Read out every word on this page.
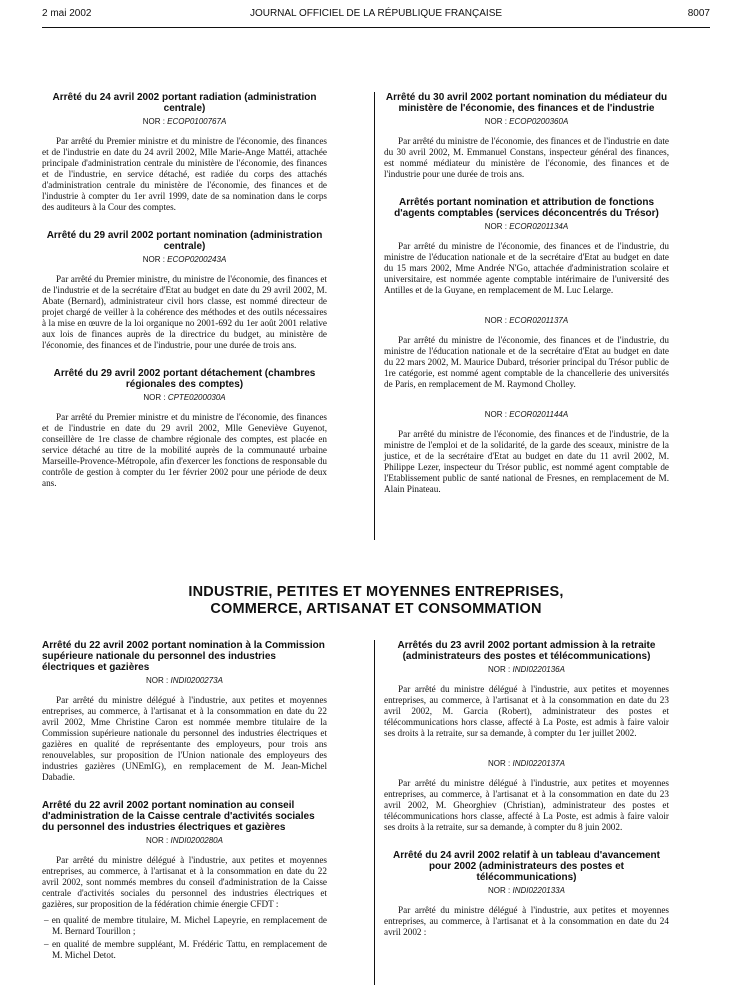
2 mai 2002	JOURNAL OFFICIEL DE LA RÉPUBLIQUE FRANÇAISE	8007
Arrêté du 24 avril 2002 portant radiation (administration centrale)
NOR : ECOP0100767A

Par arrêté du Premier ministre et du ministre de l'économie, des finances et de l'industrie en date du 24 avril 2002, Mlle Marie-Ange Mattéi, attachée principale d'administration centrale du ministère de l'économie, des finances et de l'industrie, en service détaché, est radiée du corps des attachés d'administration centrale du ministère de l'économie, des finances et de l'industrie à compter du 1er avril 1999, date de sa nomination dans le corps des auditeurs à la Cour des comptes.

Arrêté du 29 avril 2002 portant nomination (administration centrale)
NOR : ECOP0200243A

Par arrêté du Premier ministre, du ministre de l'économie, des finances et de l'industrie et de la secrétaire d'Etat au budget en date du 29 avril 2002, M. Abate (Bernard), administrateur civil hors classe, est nommé directeur de projet chargé de veiller à la cohérence des méthodes et des outils nécessaires à la mise en œuvre de la loi organique no 2001-692 du 1er août 2001 relative aux lois de finances auprès de la directrice du budget, au ministère de l'économie, des finances et de l'industrie, pour une durée de trois ans.

Arrêté du 29 avril 2002 portant détachement (chambres régionales des comptes)
NOR : CPTE0200030A

Par arrêté du Premier ministre et du ministre de l'économie, des finances et de l'industrie en date du 29 avril 2002, Mlle Geneviève Guyenot, conseillère de 1re classe de chambre régionale des comptes, est placée en service détaché au titre de la mobilité auprès de la communauté urbaine Marseille-Provence-Métropole, afin d'exercer les fonctions de responsable du contrôle de gestion à compter du 1er février 2002 pour une période de deux ans.

Arrêté du 30 avril 2002 portant nomination du médiateur du ministère de l'économie, des finances et de l'industrie
NOR : ECOP0200360A

Par arrêté du ministre de l'économie, des finances et de l'industrie en date du 30 avril 2002, M. Emmanuel Constans, inspecteur général des finances, est nommé médiateur du ministère de l'économie, des finances et de l'industrie pour une durée de trois ans.

Arrêtés portant nomination et attribution de fonctions d'agents comptables (services déconcentrés du Trésor)
NOR : ECOR0201134A

Par arrêté du ministre de l'économie, des finances et de l'industrie, du ministre de l'éducation nationale et de la secrétaire d'Etat au budget en date du 15 mars 2002, Mme Andrée N'Go, attachée d'administration scolaire et universitaire, est nommée agente comptable intérimaire de l'université des Antilles et de la Guyane, en remplacement de M. Luc Lelarge.

NOR : ECOR0201137A

Par arrêté du ministre de l'économie, des finances et de l'industrie, du ministre de l'éducation nationale et de la secrétaire d'Etat au budget en date du 22 mars 2002, M. Maurice Dubard, trésorier principal du Trésor public de 1re catégorie, est nommé agent comptable de la chancellerie des universités de Paris, en remplacement de M. Raymond Cholley.

NOR : ECOR0201144A

Par arrêté du ministre de l'économie, des finances et de l'industrie, de la ministre de l'emploi et de la solidarité, de la garde des sceaux, ministre de la justice, et de la secrétaire d'Etat au budget en date du 11 avril 2002, M. Philippe Lezer, inspecteur du Trésor public, est nommé agent comptable de l'Etablissement public de santé national de Fresnes, en remplacement de M. Alain Pinateau.

INDUSTRIE, PETITES ET MOYENNES ENTREPRISES,
COMMERCE, ARTISANAT ET CONSOMMATION
Arrêté du 22 avril 2002 portant nomination à la Commission supérieure nationale du personnel des industries électriques et gazières
NOR : INDI0200273A

Par arrêté du ministre délégué à l'industrie, aux petites et moyennes entreprises, au commerce, à l'artisanat et à la consommation en date du 22 avril 2002, Mme Christine Caron est nommée membre titulaire de la Commission supérieure nationale du personnel des industries électriques et gazières en qualité de représentante des employeurs, pour trois ans renouvelables, sur proposition de l'Union nationale des employeurs des industries gazières (UNEmIG), en remplacement de M. Jean-Michel Dabadie.

Arrêté du 22 avril 2002 portant nomination au conseil d'administration de la Caisse centrale d'activités sociales du personnel des industries électriques et gazières
NOR : INDI0200280A

Par arrêté du ministre délégué à l'industrie, aux petites et moyennes entreprises, au commerce, à l'artisanat et à la consommation en date du 22 avril 2002, sont nommés membres du conseil d'administration de la Caisse centrale d'activités sociales du personnel des industries électriques et gazières, sur proposition de la fédération chimie énergie CFDT :

– en qualité de membre titulaire, M. Michel Lapeyrie, en remplacement de M. Bernard Tourillon ;

– en qualité de membre suppléant, M. Frédéric Tattu, en remplacement de M. Michel Detot.

Arrêtés du 23 avril 2002 portant admission à la retraite (administrateurs des postes et télécommunications)
NOR : INDI0220136A

Par arrêté du ministre délégué à l'industrie, aux petites et moyennes entreprises, au commerce, à l'artisanat et à la consommation en date du 23 avril 2002, M. Garcia (Robert), administrateur des postes et télécommunications hors classe, affecté à La Poste, est admis à faire valoir ses droits à la retraite, sur sa demande, à compter du 1er juillet 2002.

NOR : INDI0220137A

Par arrêté du ministre délégué à l'industrie, aux petites et moyennes entreprises, au commerce, à l'artisanat et à la consommation en date du 23 avril 2002, M. Gheorghiev (Christian), administrateur des postes et télécommunications hors classe, affecté à La Poste, est admis à faire valoir ses droits à la retraite, sur sa demande, à compter du 8 juin 2002.

Arrêté du 24 avril 2002 relatif à un tableau d'avancement pour 2002 (administrateurs des postes et télécommunications)
NOR : INDI0220133A

Par arrêté du ministre délégué à l'industrie, aux petites et moyennes entreprises, au commerce, à l'artisanat et à la consommation en date du 24 avril 2002 :
